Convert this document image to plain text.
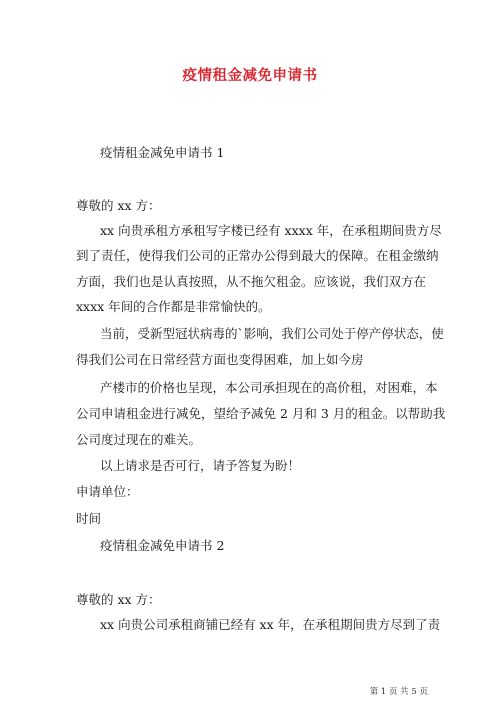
疫情租金减免申请书
疫情租金减免申请书 1
尊敬的 xx 方：
xx 向贵承租方承租写字楼已经有 xxxx 年，在承租期间贵方尽
到了责任，使得我们公司的正常办公得到最大的保障。在租金缴纳
方面，我们也是认真按照，从不拖欠租金。应该说，我们双方在
xxxx 年间的合作都是非常愉快的。
当前，受新型冠状病毒的`影响，我们公司处于停产停状态，使
得我们公司在日常经营方面也变得困难，加上如今房
产楼市的价格也呈现，本公司承担现在的高价租，对困难，本
公司申请租金进行减免，望给予减免 2 月和 3 月的租金。以帮助我
公司度过现在的难关。
以上请求是否可行，请予答复为盼！
申请单位：
时间
疫情租金减免申请书 2
尊敬的 xx 方：
xx 向贵公司承租商铺已经有 xx 年，在承租期间贵方尽到了责
第 1 页 共 5 页
